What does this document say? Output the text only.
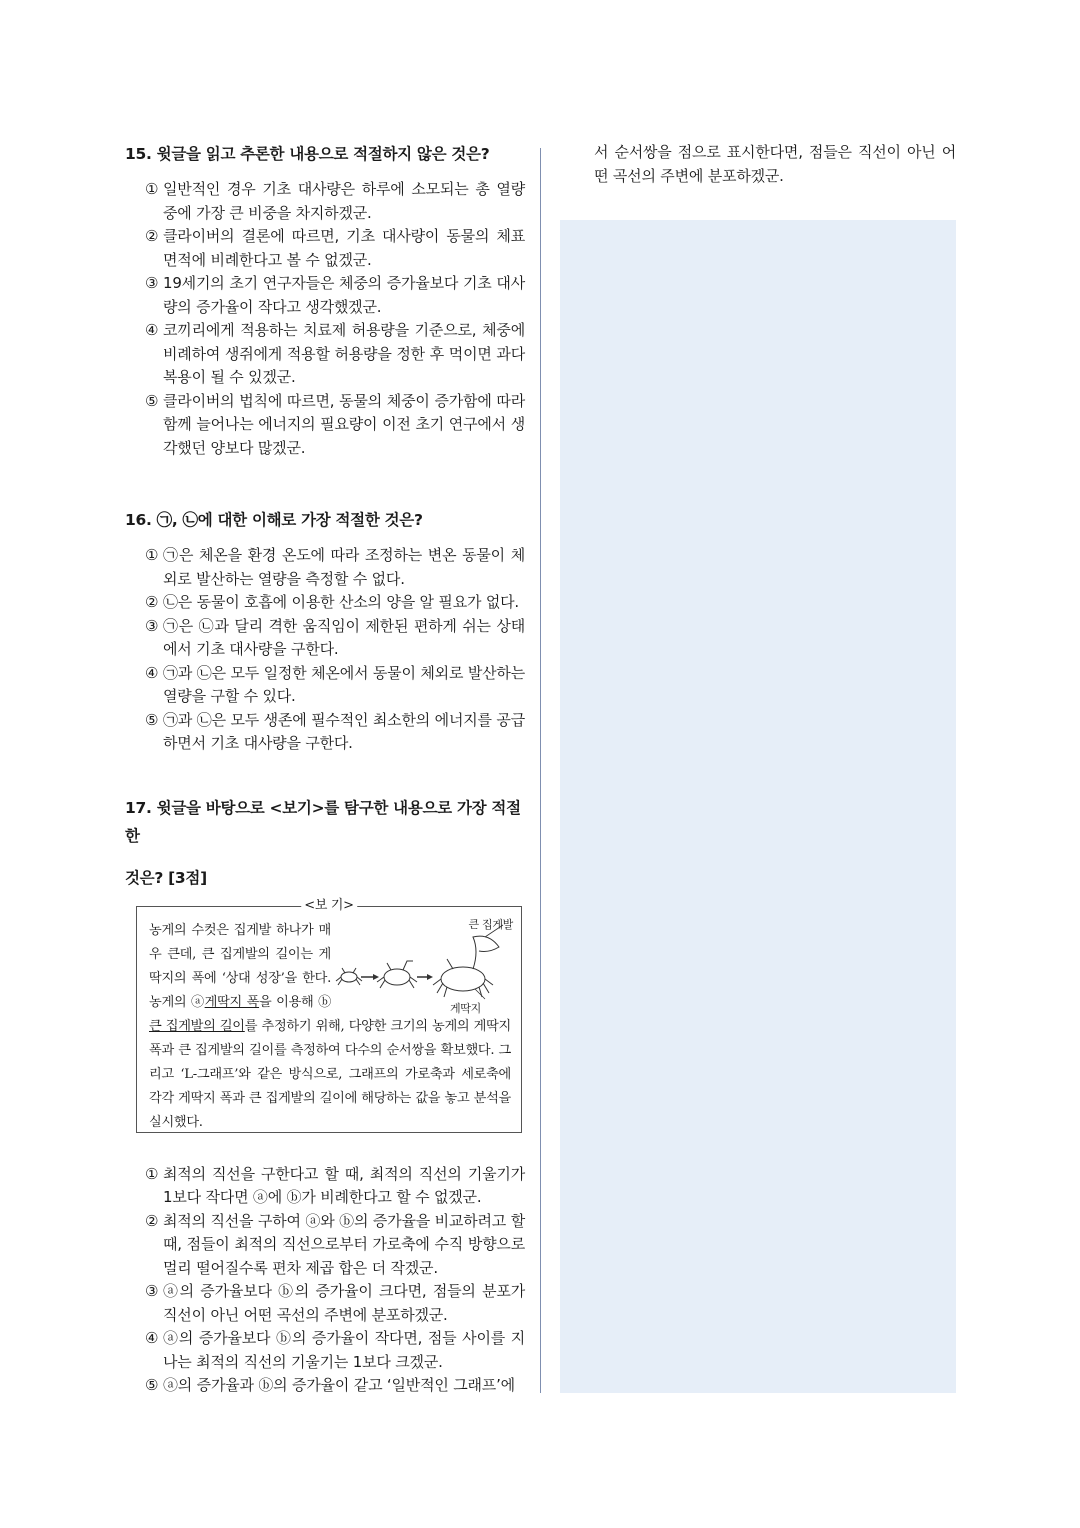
15. 윗글을 읽고 추론한 내용으로 적절하지 않은 것은?

① 일반적인 경우 기초 대사량은 하루에 소모되는 총 열량 중에 가장 큰 비중을 차지하겠군.

② 클라이버의 결론에 따르면, 기초 대사량이 동물의 체표 면적에 비례한다고 볼 수 없겠군.

③ 19세기의 초기 연구자들은 체중의 증가율보다 기초 대사량의 증가율이 작다고 생각했겠군.

④ 코끼리에게 적용하는 치료제 허용량을 기준으로, 체중에 비례하여 생쥐에게 적용할 허용량을 정한 후 먹이면 과다 복용이 될 수 있겠군.

⑤ 클라이버의 법칙에 따르면, 동물의 체중이 증가함에 따라 함께 늘어나는 에너지의 필요량이 이전 초기 연구에서 생각했던 양보다 많겠군.

16. ㉠, ㉡에 대한 이해로 가장 적절한 것은?

① ㉠은 체온을 환경 온도에 따라 조정하는 변온 동물이 체외로 발산하는 열량을 측정할 수 없다.

② ㉡은 동물이 호흡에 이용한 산소의 양을 알 필요가 없다.

③ ㉠은 ㉡과 달리 격한 움직임이 제한된 편하게 쉬는 상태에서 기초 대사량을 구한다.

④ ㉠과 ㉡은 모두 일정한 체온에서 동물이 체외로 발산하는 열량을 구할 수 있다.

⑤ ㉠과 ㉡은 모두 생존에 필수적인 최소한의 에너지를 공급하면서 기초 대사량을 구한다.

17. 윗글을 바탕으로 <보기>를 탐구한 내용으로 가장 적절한
것은? [3점]

<보 기>
큰 집게발
게딱지
농게의 수컷은 집게발 하나가 매우 큰데, 큰 집게발의 길이는 게딱지의 폭에 ‘상대 성장’을 한다. 농게의 ⓐ게딱지 폭을 이용해 ⓑ큰 집게발의 길이를 추정하기 위해, 다양한 크기의 농게의 게딱지 폭과 큰 집게발의 길이를 측정하여 다수의 순서쌍을 확보했다. 그리고 ‘L-그래프’와 같은 방식으로, 그래프의 가로축과 세로축에 각각 게딱지 폭과 큰 집게발의 길이에 해당하는 값을 놓고 분석을 실시했다.

① 최적의 직선을 구한다고 할 때, 최적의 직선의 기울기가 1보다 작다면 ⓐ에 ⓑ가 비례한다고 할 수 없겠군.

② 최적의 직선을 구하여 ⓐ와 ⓑ의 증가율을 비교하려고 할때, 점들이 최적의 직선으로부터 가로축에 수직 방향으로 멀리 떨어질수록 편차 제곱 합은 더 작겠군.

③ ⓐ의 증가율보다 ⓑ의 증가율이 크다면, 점들의 분포가 직선이 아닌 어떤 곡선의 주변에 분포하겠군.

④ ⓐ의 증가율보다 ⓑ의 증가율이 작다면, 점들 사이를 지나는 최적의 직선의 기울기는 1보다 크겠군.

⑤ ⓐ의 증가율과 ⓑ의 증가율이 같고 ‘일반적인 그래프’에

서 순서쌍을 점으로 표시한다면, 점들은 직선이 아닌 어떤 곡선의 주변에 분포하겠군.
